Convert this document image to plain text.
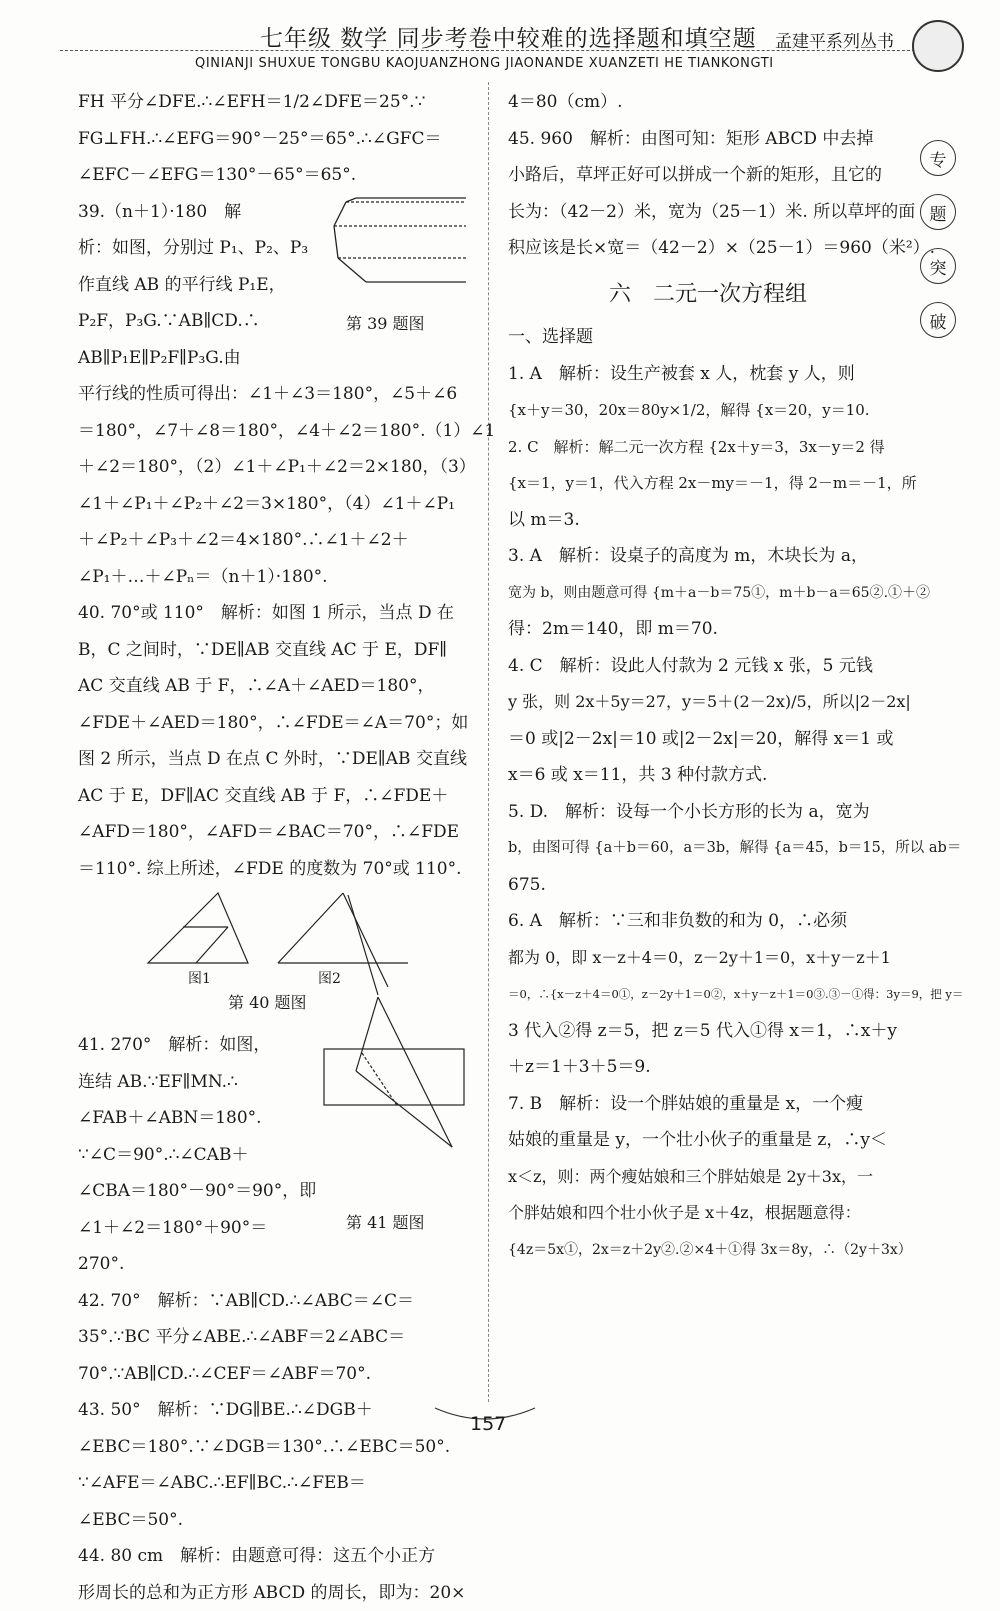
七年级 数学 同步考卷中较难的选择题和填空题 孟建平系列丛书
QINIANJI SHUXUE TONGBU KAOJUANZHONG JIAONANDE XUANZETI HE TIANKONGTI
专
题
突
破

FH 平分∠DFE.∴∠EFH＝1/2∠DFE＝25°.∵

FG⊥FH.∴∠EFG＝90°－25°＝65°.∴∠GFC＝

∠EFC－∠EFG＝130°－65°＝65°.

39.（n＋1）·180　解

析：如图，分别过 P₁、P₂、P₃

作直线 AB 的平行线 P₁E，

P₂F，P₃G.∵AB∥CD.∴

AB∥P₁E∥P₂F∥P₃G.由

第 39 题图

平行线的性质可得出：∠1＋∠3＝180°，∠5＋∠6

＝180°，∠7＋∠8＝180°，∠4＋∠2＝180°.（1）∠1

＋∠2＝180°，（2）∠1＋∠P₁＋∠2＝2×180，（3）

∠1＋∠P₁＋∠P₂＋∠2＝3×180°，（4）∠1＋∠P₁

＋∠P₂＋∠P₃＋∠2＝4×180°.∴∠1＋∠2＋

∠P₁＋…＋∠Pₙ＝（n＋1）·180°.

40. 70°或 110°　解析：如图 1 所示，当点 D 在

B，C 之间时，∵DE∥AB 交直线 AC 于 E，DF∥

AC 交直线 AB 于 F，∴∠A＋∠AED＝180°，

∠FDE＋∠AED＝180°，∴∠FDE＝∠A＝70°；如

图 2 所示，当点 D 在点 C 外时，∵DE∥AB 交直线

AC 于 E，DF∥AC 交直线 AB 于 F，∴∠FDE＋

∠AFD＝180°，∠AFD＝∠BAC＝70°，∴∠FDE

＝110°. 综上所述，∠FDE 的度数为 70°或 110°.

图1	图2
第 40 题图

41. 270°　解析：如图，

连结 AB.∵EF∥MN.∴

∠FAB＋∠ABN＝180°.

∵∠C＝90°.∴∠CAB＋

∠CBA＝180°－90°＝90°，即

∠1＋∠2＝180°＋90°＝

270°.

第 41 题图

42. 70°　解析：∵AB∥CD.∴∠ABC＝∠C＝

35°.∵BC 平分∠ABE.∴∠ABF＝2∠ABC＝

70°.∵AB∥CD.∴∠CEF＝∠ABF＝70°.

43. 50°　解析：∵DG∥BE.∴∠DGB＋

∠EBC＝180°.∵∠DGB＝130°.∴∠EBC＝50°.

∵∠AFE＝∠ABC.∴EF∥BC.∴∠FEB＝

∠EBC＝50°.

44. 80 cm　解析：由题意可得：这五个小正方

形周长的总和为正方形 ABCD 的周长，即为：20×

4＝80（cm）.

45. 960　解析：由图可知：矩形 ABCD 中去掉

小路后，草坪正好可以拼成一个新的矩形，且它的

长为：（42－2）米，宽为（25－1）米. 所以草坪的面

积应该是长×宽＝（42－2）×（25－1）＝960（米²）.

六　二元一次方程组

一、选择题

1. A　解析：设生产被套 x 人，枕套 y 人，则

{x＋y＝30，20x＝80y×1/2，解得 {x＝20，y＝10.

2. C　解析：解二元一次方程 {2x＋y＝3，3x－y＝2 得

{x＝1，y＝1，代入方程 2x－my＝－1，得 2－m＝－1，所

以 m＝3.

3. A　解析：设桌子的高度为 m，木块长为 a，

宽为 b，则由题意可得 {m＋a－b＝75①，m＋b－a＝65②.①＋②

得：2m＝140，即 m＝70.

4. C　解析：设此人付款为 2 元钱 x 张，5 元钱

y 张，则 2x＋5y＝27，y＝5＋(2－2x)/5，所以|2－2x|

＝0 或|2－2x|＝10 或|2－2x|＝20，解得 x＝1 或

x＝6 或 x＝11，共 3 种付款方式.

5. D.　解析：设每一个小长方形的长为 a，宽为

b，由图可得 {a＋b＝60，a＝3b，解得 {a＝45，b＝15，所以 ab＝

675.

6. A　解析：∵三和非负数的和为 0，∴必须

都为 0，即 x－z＋4＝0，z－2y＋1＝0，x＋y－z＋1

＝0，∴{x－z＋4＝0①，z－2y＋1＝0②，x＋y－z＋1＝0③.③－①得：3y＝9，把 y＝

3 代入②得 z＝5，把 z＝5 代入①得 x＝1，∴x＋y

＋z＝1＋3＋5＝9.

7. B　解析：设一个胖姑娘的重量是 x，一个瘦

姑娘的重量是 y，一个壮小伙子的重量是 z，∴y＜

x＜z，则：两个瘦姑娘和三个胖姑娘是 2y＋3x，一

个胖姑娘和四个壮小伙子是 x＋4z，根据题意得：

{4z＝5x①，2x＝z＋2y②.②×4＋①得 3x＝8y，∴（2y＋3x）

157
